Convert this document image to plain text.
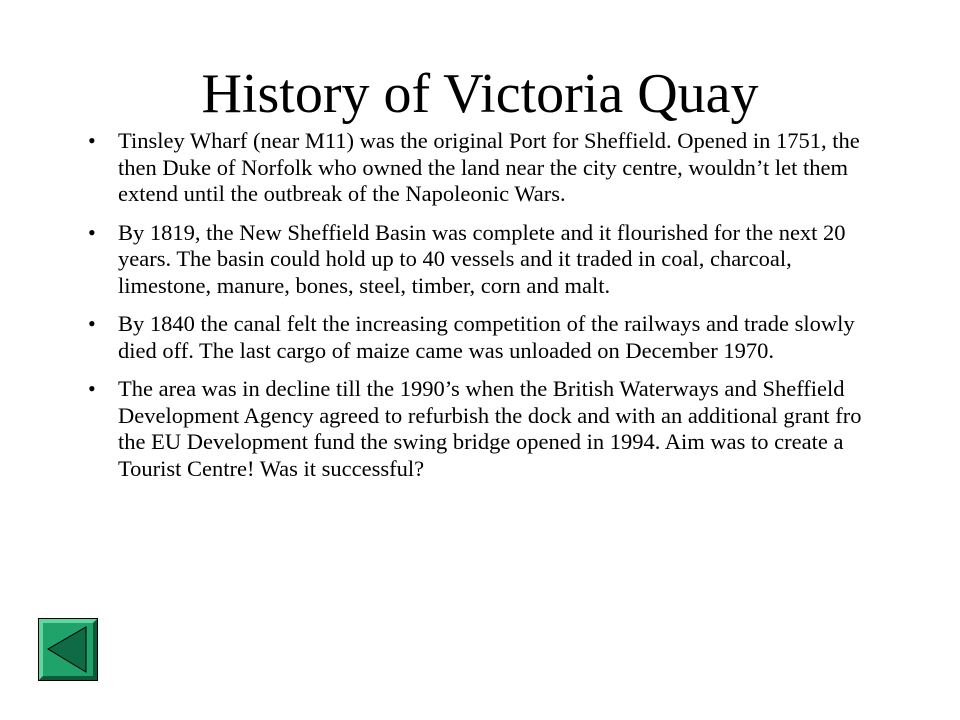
History of Victoria Quay
• Tinsley Wharf (near M11) was the original Port for Sheffield. Opened in 1751, the then Duke of Norfolk who owned the land near the city centre, wouldn’t let them extend until the outbreak of the Napoleonic Wars.
• By 1819, the New Sheffield Basin was complete and it flourished for the next 20 years. The basin could hold up to 40 vessels and it traded in coal, charcoal, limestone, manure, bones, steel, timber, corn and malt.
• By 1840 the canal felt the increasing competition of the railways and trade slowly died off. The last cargo of maize came was unloaded on December 1970.
• The area was in decline till the 1990’s when the British Waterways and Sheffield Development Agency agreed to refurbish the dock and with an additional grant fro the EU Development fund the swing bridge opened in 1994. Aim was to create a Tourist Centre! Was it successful?
